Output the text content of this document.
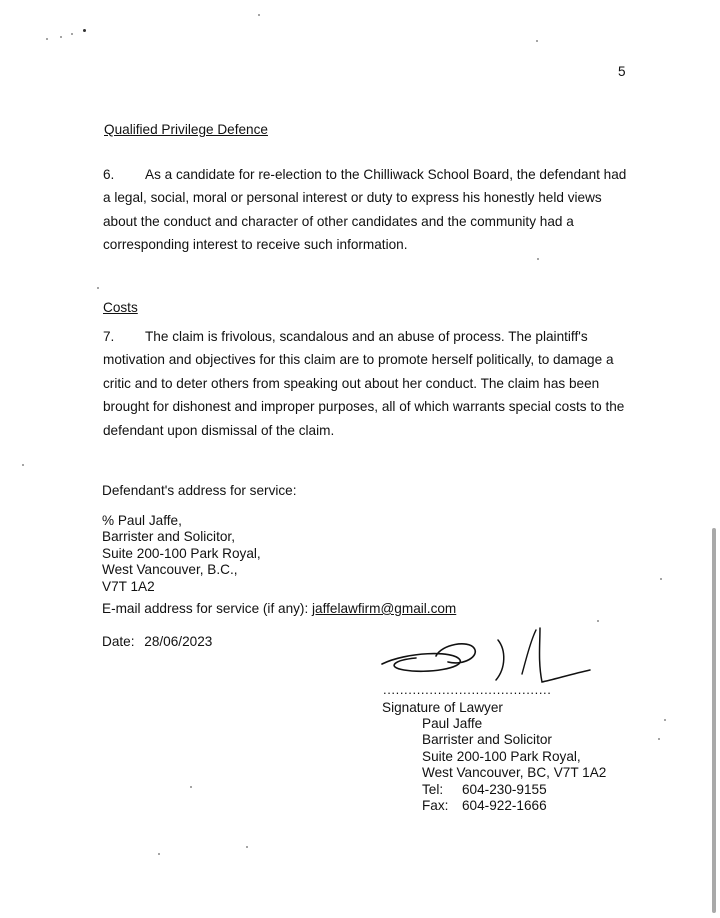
5
Qualified Privilege Defence
6. As a candidate for re-election to the Chilliwack School Board, the defendant had
a legal, social, moral or personal interest or duty to express his honestly held views
about the conduct and character of other candidates and the community had a
corresponding interest to receive such information.
Costs
7. The claim is frivolous, scandalous and an abuse of process. The plaintiff's
motivation and objectives for this claim are to promote herself politically, to damage a
critic and to deter others from speaking out about her conduct. The claim has been
brought for dishonest and improper purposes, all of which warrants special costs to the
defendant upon dismissal of the claim.
Defendant's address for service:
% Paul Jaffe,
Barrister and Solicitor,
Suite 200-100 Park Royal,
West Vancouver, B.C.,
V7T 1A2
E-mail address for service (if any): jaffelawfirm@gmail.com
Date: 28/06/2023
........................................
Signature of Lawyer
Paul Jaffe
Barrister and Solicitor
Suite 200-100 Park Royal,
West Vancouver, BC, V7T 1A2
Tel: 604-230-9155
Fax: 604-922-1666
